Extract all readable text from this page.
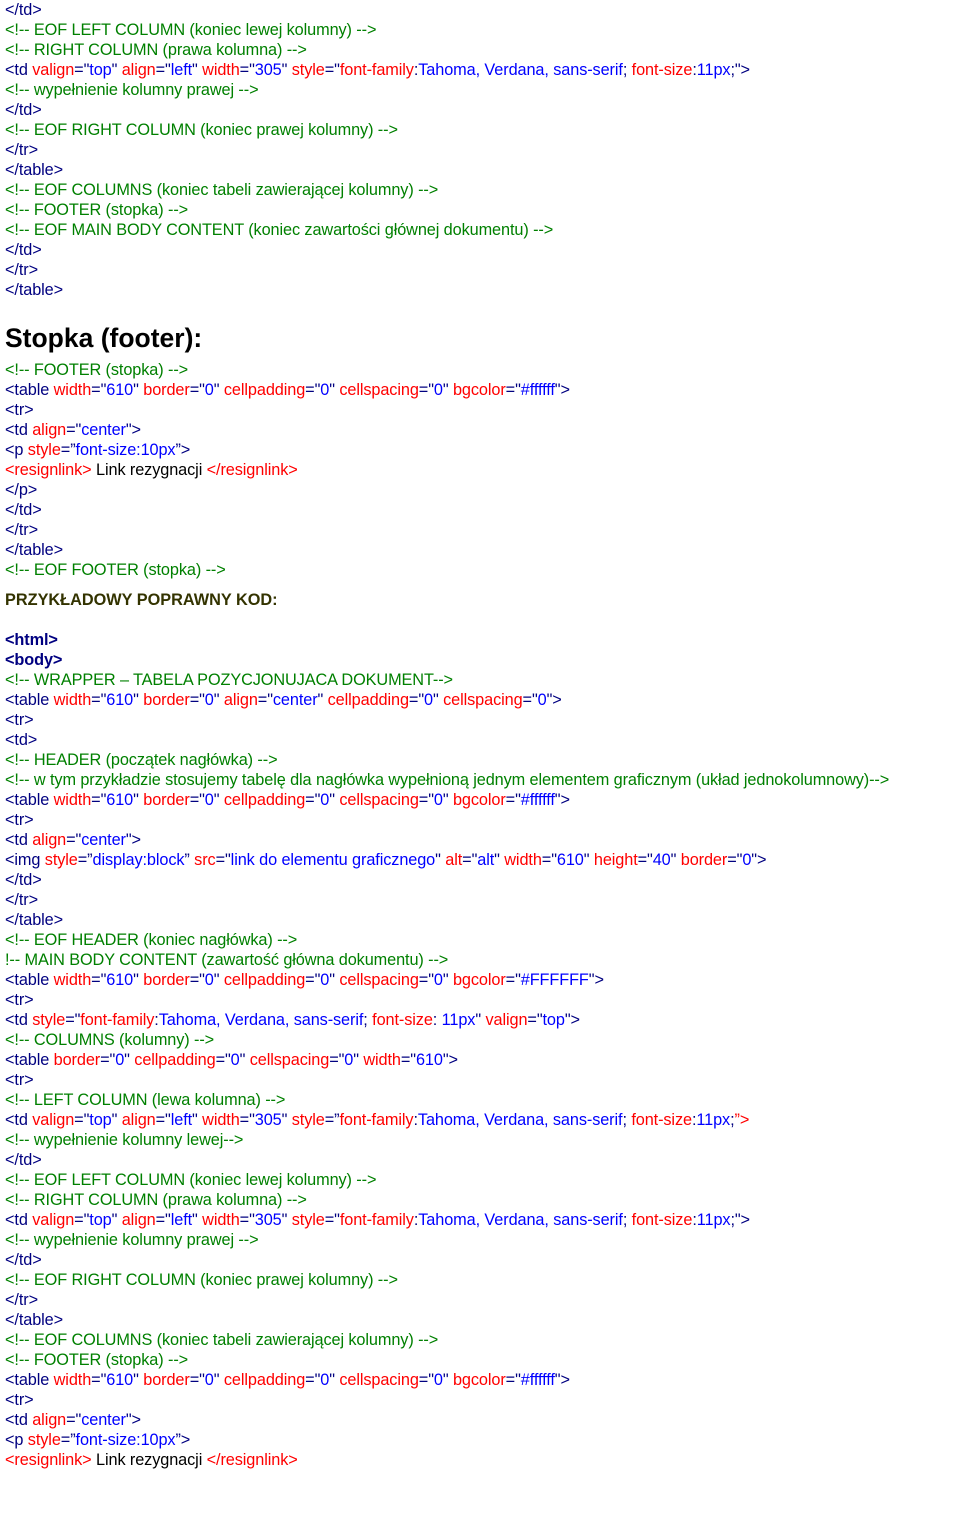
</td>
<!-- EOF LEFT COLUMN (koniec lewej kolumny) -->
<!-- RIGHT COLUMN (prawa kolumna) -->
<td valign="top" align="left" width="305" style="font-family:Tahoma, Verdana, sans-serif; font-size:11px;">
<!-- wypełnienie kolumny prawej -->
</td>
<!-- EOF RIGHT COLUMN (koniec prawej kolumny) -->
</tr>
</table>
<!-- EOF COLUMNS (koniec tabeli zawierającej kolumny) -->
<!-- FOOTER (stopka) -->
<!-- EOF MAIN BODY CONTENT (koniec zawartości głównej dokumentu) -->
</td>
</tr>
</table>
Stopka (footer):
<!-- FOOTER (stopka) -->
<table width="610" border="0" cellpadding="0" cellspacing="0" bgcolor="#ffffff">
<tr>
<td align="center">
<p style=”font-size:10px”>
<resignlink> Link rezygnacji </resignlink>
</p>
</td>
</tr>
</table>
<!-- EOF FOOTER (stopka) -->
PRZYKŁADOWY POPRAWNY KOD:
<html>
<body>
<!-- WRAPPER – TABELA POZYCJONUJACA DOKUMENT-->
<table width="610" border="0" align="center" cellpadding="0" cellspacing="0">
<tr>
<td>
<!-- HEADER (początek nagłówka) -->
<!-- w tym przykładzie stosujemy tabelę dla nagłówka wypełnioną jednym elementem graficznym (układ jednokolumnowy)-->
<table width="610" border="0" cellpadding="0" cellspacing="0" bgcolor="#ffffff">
<tr>
<td align="center">
<img style=”display:block” src="link do elementu graficznego" alt="alt" width="610" height="40" border="0">
</td>
</tr>
</table>
<!-- EOF HEADER (koniec nagłówka) -->
!-- MAIN BODY CONTENT (zawartość główna dokumentu) -->
<table width="610" border="0" cellpadding="0" cellspacing="0" bgcolor="#FFFFFF">
<tr>
<td style="font-family:Tahoma, Verdana, sans-serif; font-size: 11px" valign="top">
<!-- COLUMNS (kolumny) -->
<table border="0" cellpadding="0" cellspacing="0" width="610">
<tr>
<!-- LEFT COLUMN (lewa kolumna) -->
<td valign="top" align="left" width="305" style=”font-family:Tahoma, Verdana, sans-serif; font-size:11px;”>
<!-- wypełnienie kolumny lewej-->
</td>
<!-- EOF LEFT COLUMN (koniec lewej kolumny) -->
<!-- RIGHT COLUMN (prawa kolumna) -->
<td valign="top" align="left" width="305" style="font-family:Tahoma, Verdana, sans-serif; font-size:11px;">
<!-- wypełnienie kolumny prawej -->
</td>
<!-- EOF RIGHT COLUMN (koniec prawej kolumny) -->
</tr>
</table>
<!-- EOF COLUMNS (koniec tabeli zawierającej kolumny) -->
<!-- FOOTER (stopka) -->
<table width="610" border="0" cellpadding="0" cellspacing="0" bgcolor="#ffffff">
<tr>
<td align="center">
<p style=”font-size:10px”>
<resignlink> Link rezygnacji </resignlink>
